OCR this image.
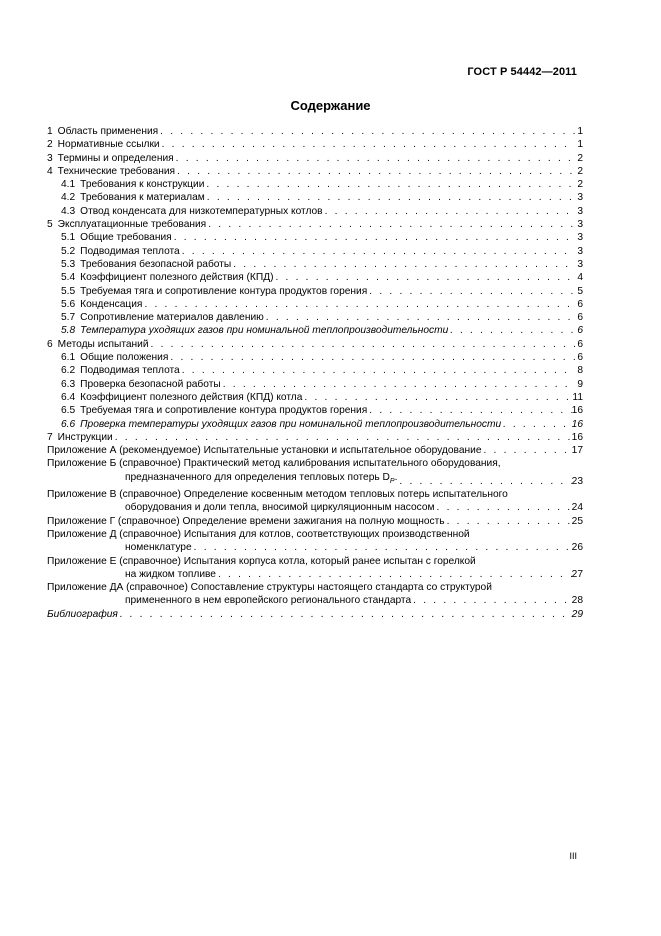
ГОСТ Р 54442—2011
Содержание
1 Область применения . . .	1
2 Нормативные ссылки . . .	1
3 Термины и определения . . .	2
4 Технические требования . . .	2
4.1 Требования к конструкции . . .	2
4.2 Требования к материалам . . .	3
4.3 Отвод конденсата для низкотемпературных котлов . . .	3
5 Эксплуатационные требования . . .	3
5.1 Общие требования . . .	3
5.2 Подводимая теплота . . .	3
5.3 Требования безопасной работы . . .	3
5.4 Коэффициент полезного действия (КПД) . . .	4
5.5 Требуемая тяга и сопротивление контура продуктов горения . . .	5
5.6 Конденсация . . .	6
5.7 Сопротивление материалов давлению . . .	6
5.8 Температура уходящих газов при номинальной теплопроизводительности . . .	6
6 Методы испытаний . . .	6
6.1 Общие положения . . .	6
6.2 Подводимая теплота . . .	8
6.3 Проверка безопасной работы . . .	9
6.4 Коэффициент полезного действия (КПД) котла . . .	11
6.5 Требуемая тяга и сопротивление контура продуктов горения . . .	16
6.6 Проверка температуры уходящих газов при номинальной теплопроизводительности . . .	16
7 Инструкции . . .	16
Приложение А (рекомендуемое) Испытательные установки и испытательное оборудование . . .	17
Приложение Б (справочное) Практический метод калибрования испытательного оборудования,
предназначенного для определения тепловых потерь $D_P$. . . .	23
Приложение В (справочное) Определение косвенным методом тепловых потерь испытательного
оборудования и доли тепла, вносимой циркуляционным насосом . . .	24
Приложение Г (справочное) Определение времени зажигания на полную мощность . . .	25
Приложение Д (справочное) Испытания для котлов, соответствующих производственной
номенклатуре . . .	26
Приложение Е (справочное) Испытания корпуса котла, который ранее испытан с горелкой
на жидком топливе . . .	27
Приложение ДА (справочное) Сопоставление структуры настоящего стандарта со структурой
примененного в нем европейского регионального стандарта . . .	28
Библиография . . .	29
III
